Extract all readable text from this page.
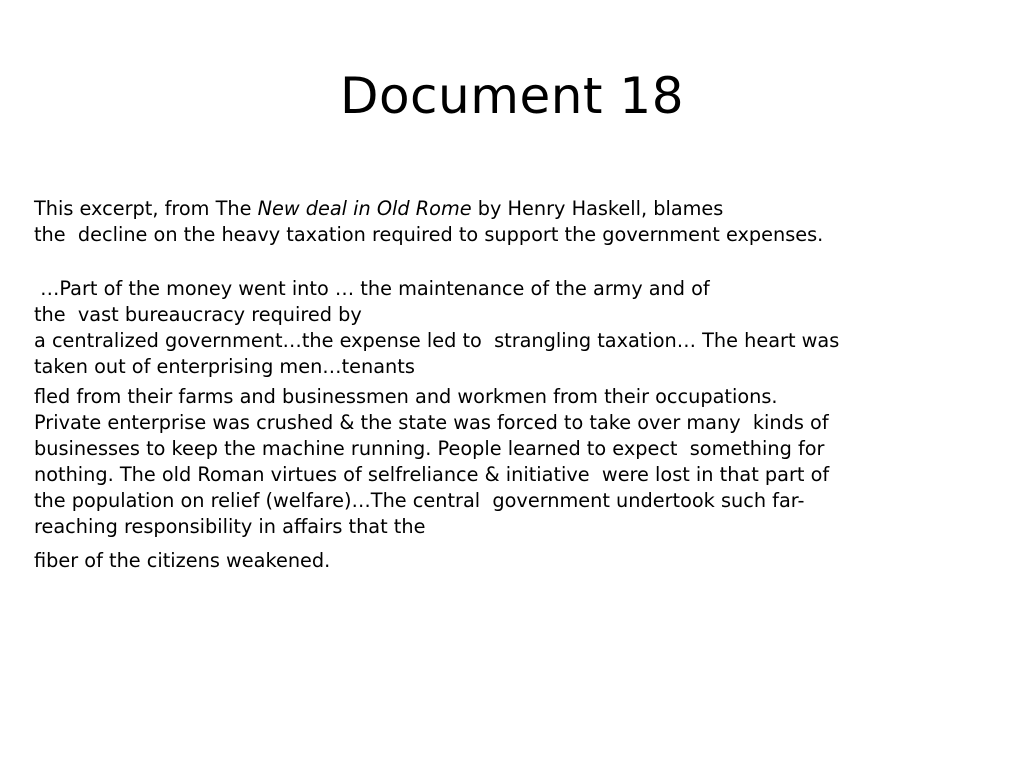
Document 18

This excerpt, from The New deal in Old Rome by Henry Haskell, blames
the  decline on the heavy taxation required to support the government expenses.

…Part of the money went into … the maintenance of the army and of
the  vast bureaucracy required by
a centralized government…the expense led to  strangling taxation… The heart was
taken out of enterprising men…tenants

fled from their farms and businessmen and workmen from their occupations.
Private enterprise was crushed & the state was forced to take over many  kinds of
businesses to keep the machine running. People learned to expect  something for
nothing. The old Roman virtues of selfreliance & initiative  were lost in that part of
the population on relief (welfare)…The central  government undertook such far-
reaching responsibility in affairs that the

fiber of the citizens weakened.
